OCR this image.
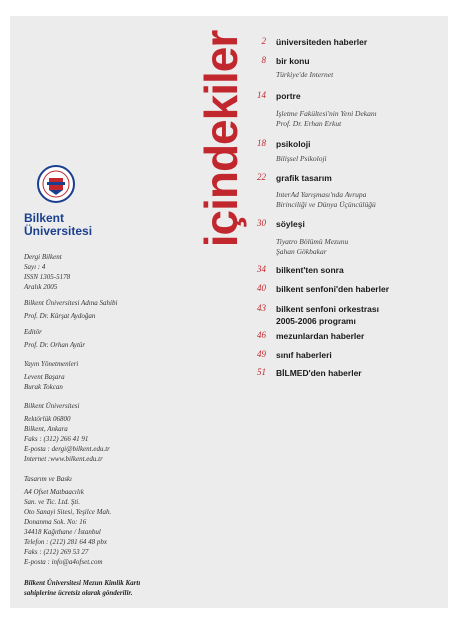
Bilkent
Üniversitesi
Dergi Bilkent
Sayı : 4
ISSN 1305-5178
Aralık 2005
Bilkent Üniversitesi Adına Sahibi
Prof. Dr. Kürşat Aydoğan
Editör
Prof. Dr. Orhan Aytür
Yayın Yönetmenleri
Levent Başara
Burak Tokcan
Bilkent Üniversitesi
Rektörlük 06800
Bilkent, Ankara
Faks : (312) 266 41 91
E-posta : dergi@bilkent.edu.tr
Internet :www.bilkent.edu.tr
Tasarım ve Baskı
A4 Ofset Matbaacılık
San. ve Tic. Ltd. Şti.
Oto Sanayi Sitesi, Yeşilce Mah.
Donanma Sok. No: 16
34418 Kağıthane / İstanbul
Telefon : (212) 281 64 48 pbx
Faks : (212) 269 53 27
E-posta : info@a4ofset.com
Bilkent Üniversitesi Mezun Kimlik Kartı
sahiplerine ücretsiz olarak gönderilir.
içindekiler	2 üniversiteden haberler
8 bir konu
Türkiye'de Internet
14 portre
İşletme Fakültesi'nin Yeni Dekanı
Prof. Dr. Erhan Erkut
18 psikoloji
Bilişsel Psikoloji
22 grafik tasarım
InterAd Yarışması'nda Avrupa
Birinciliği ve Dünya Üçüncülüğü
30 söyleşi
Tiyatro Bölümü Mezunu
Şahan Gökbakar
34 bilkent'ten sonra
40 bilkent senfoni'den haberler
43 bilkent senfoni orkestrası
2005-2006 programı
46 mezunlardan haberler
49 sınıf haberleri
51 BİLMED'den haberler
